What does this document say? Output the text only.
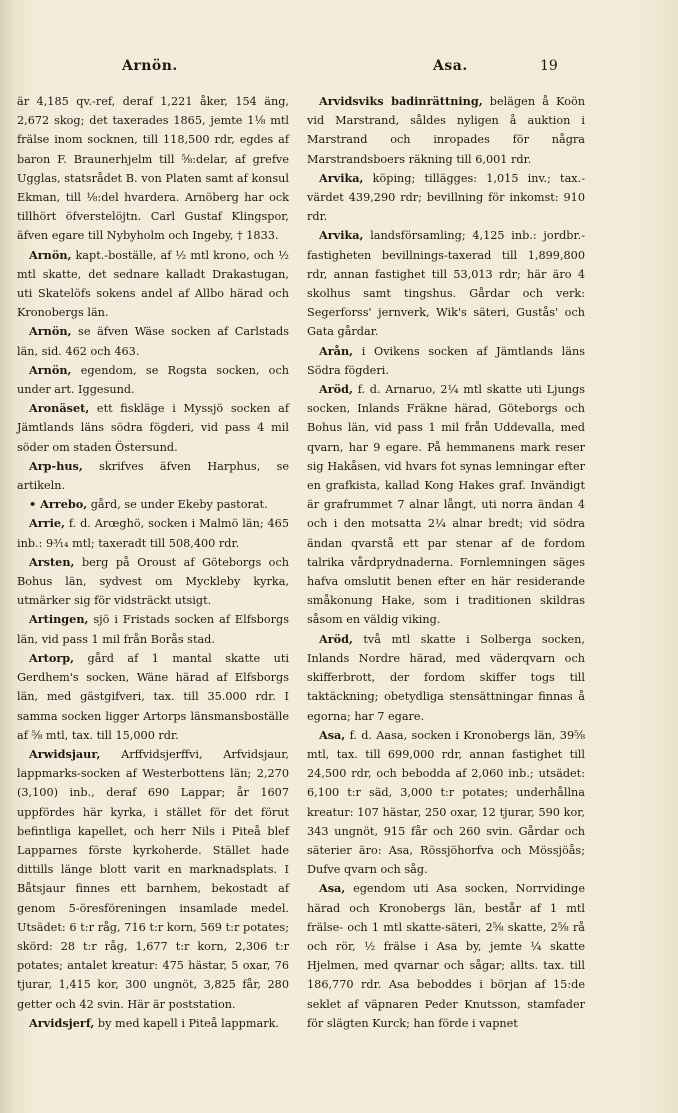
Arnön.	Asa.	19

är 4,185 qv.-ref, deraf 1,221 åker, 154 äng, 2,672 skog; det taxerades 1865, jemte 1⅛ mtl frälse inom socknen, till 118,500 rdr, egdes af baron F. Braunerhjelm till ⅝:delar, af grefve Ugglas, statsrådet B. von Platen samt af konsul Ekman, till ⅛:del hvardera. Arnöberg har ock tillhört öfverstelöjtn. Carl Gustaf Klingspor, äfven egare till Nybyholm och Ingeby, † 1833.

Arnön, kapt.-boställe, af ½ mtl krono, och ½ mtl skatte, det sednare kalladt Drakastugan, uti Skatelöfs sokens andel af Allbo härad och Kronobergs län.

Arnön, se äfven Wäse socken af Carlstads län, sid. 462 och 463.

Arnön, egendom, se Rogsta socken, och under art. Iggesund.

Aronäset, ett fiskläge i Myssjö socken af Jämtlands läns södra fögderi, vid pass 4 mil söder om staden Östersund.

Arp-hus, skrifves äfven Harphus, se artikeln.

• Arrebo, gård, se under Ekeby pastorat.

Arrie, f. d. Arœghö, socken i Malmö län; 465 inb.: 9³⁄₁₄ mtl; taxeradt till 508,400 rdr.

Arsten, berg på Oroust af Göteborgs och Bohus län, sydvest om Myckleby kyrka, utmärker sig för vidsträckt utsigt.

Artingen, sjö i Fristads socken af Elfsborgs län, vid pass 1 mil från Borås stad.

Artorp, gård af 1 mantal skatte uti Gerdhem's socken, Wäne härad af Elfsborgs län, med gästgifveri, tax. till 35.000 rdr. I samma socken ligger Artorps länsmansboställe af ⅝ mtl, tax. till 15,000 rdr.

Arwidsjaur, Arffvidsjerffvi, Arfvidsjaur, lappmarks-socken af Westerbottens län; 2,270 (3,100) inb., deraf 690 Lappar; år 1607 uppfördes här kyrka, i stället för det förut befintliga kapellet, och herr Nils i Piteå blef Lapparnes förste kyrkoherde. Stället hade dittills länge blott varit en marknadsplats. I Båtsjaur finnes ett barnhem, bekostadt af genom 5-öresföreningen insamlade medel. Utsädet: 6 t:r råg, 716 t:r korn, 569 t:r potates; skörd: 28 t:r råg, 1,677 t:r korn, 2,306 t:r potates; antalet kreatur: 475 hästar, 5 oxar, 76 tjurar, 1,415 kor, 300 ungnöt, 3,825 får, 280 getter och 42 svin. Här är poststation.

Arvidsjerf, by med kapell i Piteå lappmark.

Arvidsviks badinrättning, belägen å Koön vid Marstrand, såldes nyligen å auktion i Marstrand och inropades för några Marstrandsboers räkning till 6,001 rdr.

Arvika, köping; tillägges: 1,015 inv.; tax.-värdet 439,290 rdr; bevillning för inkomst: 910 rdr.

Arvika, landsförsamling; 4,125 inb.: jordbr.-fastigheten bevillnings-taxerad till 1,899,800 rdr, annan fastighet till 53,013 rdr; här äro 4 skolhus samt tingshus. Gårdar och verk: Segerforss' jernverk, Wik's säteri, Gustås' och Gata gårdar.

Arån, i Ovikens socken af Jämtlands läns Södra fögderi.

Aröd, f. d. Arnaruo, 2¼ mtl skatte uti Ljungs socken, Inlands Fräkne härad, Göteborgs och Bohus län, vid pass 1 mil från Uddevalla, med qvarn, har 9 egare. På hemmanens mark reser sig Hakåsen, vid hvars fot synas lemningar efter en grafkista, kallad Kong Hakes graf. Invändigt är grafrummet 7 alnar långt, uti norra ändan 4 och i den motsatta 2¼ alnar bredt; vid södra ändan qvarstå ett par stenar af de fordom talrika vårdprydnaderna. Fornlemningen säges hafva omslutit benen efter en här residerande småkonung Hake, som i traditionen skildras såsom en väldig viking.

Aröd, två mtl skatte i Solberga socken, Inlands Nordre härad, med väderqvarn och skifferbrott, der fordom skiffer togs till taktäckning; obetydliga stensättningar finnas å egorna; har 7 egare.

Asa, f. d. Aasa, socken i Kronobergs län, 39⅝ mtl, tax. till 699,000 rdr, annan fastighet till 24,500 rdr, och bebodda af 2,060 inb.; utsädet: 6,100 t:r säd, 3,000 t:r potates; underhållna kreatur: 107 hästar, 250 oxar, 12 tjurar, 590 kor, 343 ungnöt, 915 får och 260 svin. Gårdar och säterier äro: Asa, Rössjöhorfva och Mössjöås; Dufve qvarn och såg.

Asa, egendom uti Asa socken, Norrvidinge härad och Kronobergs län, består af 1 mtl frälse- och 1 mtl skatte-säteri, 2⅝ skatte, 2⅝ rå och rör, ½ frälse i Asa by, jemte ¼ skatte Hjelmen, med qvarnar och sågar; allts. tax. till 186,770 rdr. Asa beboddes i början af 15:de seklet af väpnaren Peder Knutsson, stamfader för slägten Kurck; han förde i vapnet
